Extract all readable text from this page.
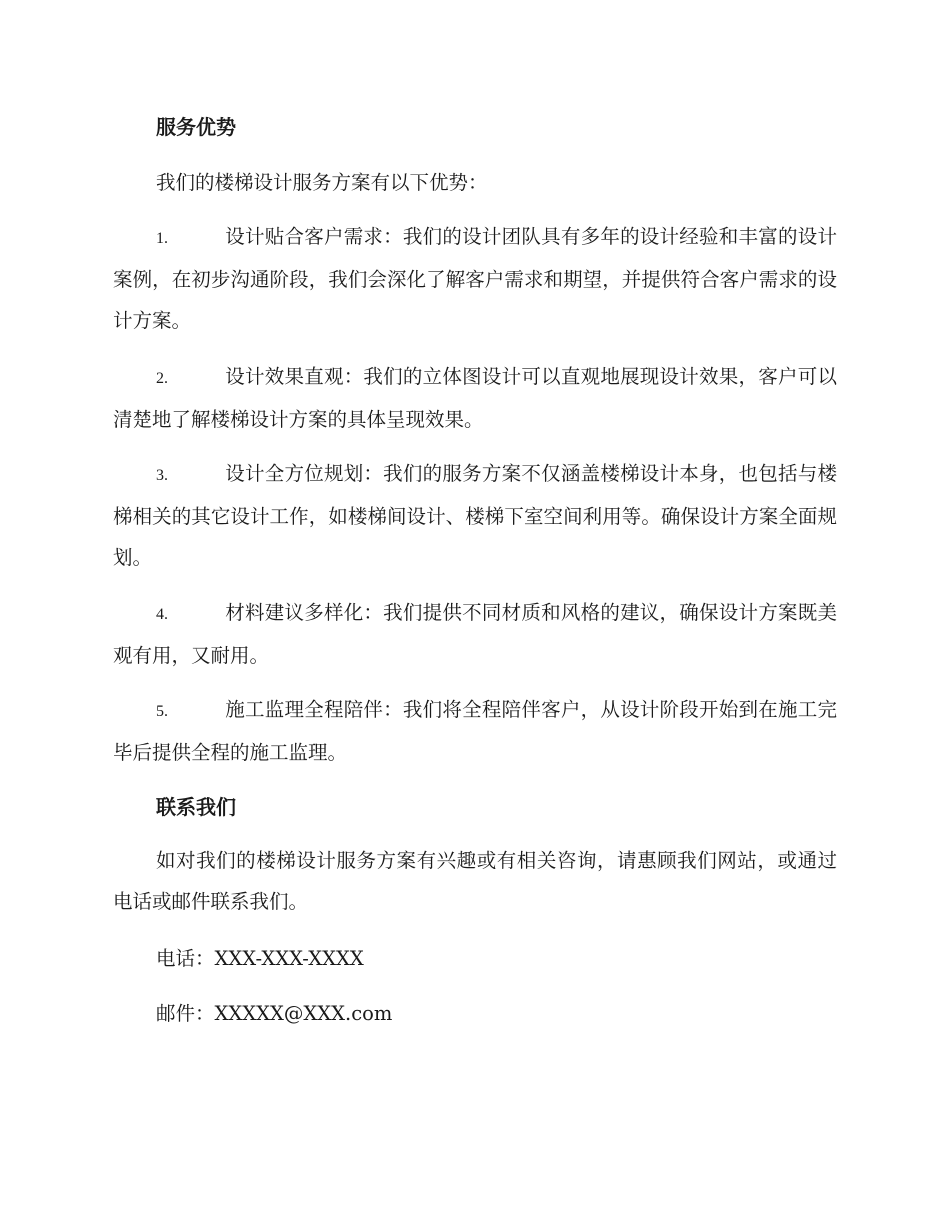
服务优势
我们的楼梯设计服务方案有以下优势：
1.	设计贴合客户需求：我们的设计团队具有多年的设计经验和丰富的设计案例，在初步沟通阶段，我们会深化了解客户需求和期望，并提供符合客户需求的设计方案。
2.	设计效果直观：我们的立体图设计可以直观地展现设计效果，客户可以清楚地了解楼梯设计方案的具体呈现效果。
3.	设计全方位规划：我们的服务方案不仅涵盖楼梯设计本身，也包括与楼梯相关的其它设计工作，如楼梯间设计、楼梯下室空间利用等。确保设计方案全面规划。
4.	材料建议多样化：我们提供不同材质和风格的建议，确保设计方案既美观有用，又耐用。
5.	施工监理全程陪伴：我们将全程陪伴客户，从设计阶段开始到在施工完毕后提供全程的施工监理。
联系我们
如对我们的楼梯设计服务方案有兴趣或有相关咨询，请惠顾我们网站，或通过电话或邮件联系我们。
电话：XXX-XXX-XXXX
邮件：XXXXX@XXX.com
